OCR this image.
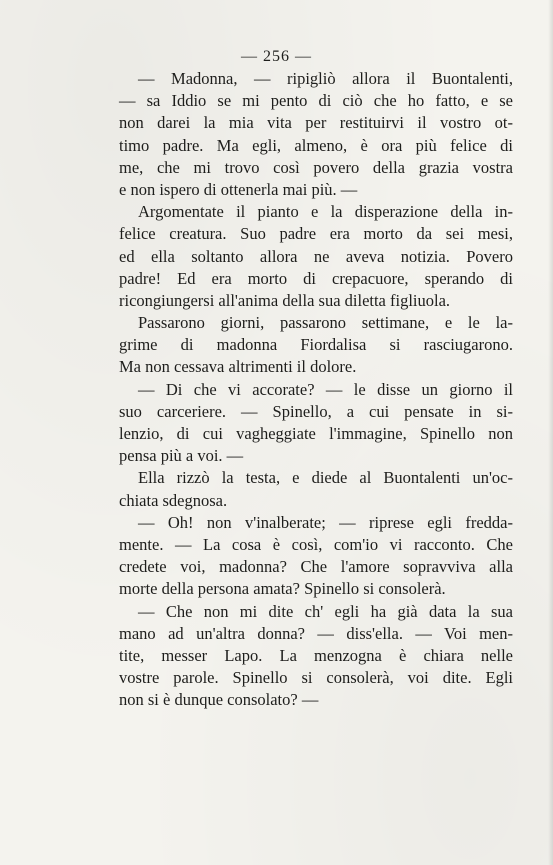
— 256 —
— Madonna, — ripigliò allora il Buontalenti,
— sa Iddio se mi pento di ciò che ho fatto, e se
non darei la mia vita per restituirvi il vostro ot-
timo padre. Ma egli, almeno, è ora più felice di
me, che mi trovo così povero della grazia vostra
e non ispero di ottenerla mai più. —
Argomentate il pianto e la disperazione della in-
felice creatura. Suo padre era morto da sei mesi,
ed ella soltanto allora ne aveva notizia. Povero
padre! Ed era morto di crepacuore, sperando di
ricongiungersi all'anima della sua diletta figliuola.
Passarono giorni, passarono settimane, e le la-
grime di madonna Fiordalisa si rasciugarono.
Ma non cessava altrimenti il dolore.
— Di che vi accorate? — le disse un giorno il
suo carceriere. — Spinello, a cui pensate in si-
lenzio, di cui vagheggiate l'immagine, Spinello non
pensa più a voi. —
Ella rizzò la testa, e diede al Buontalenti un'oc-
chiata sdegnosa.
— Oh! non v'inalberate; — riprese egli fredda-
mente. — La cosa è così, com'io vi racconto. Che
credete voi, madonna? Che l'amore sopravviva alla
morte della persona amata? Spinello si consolerà.
— Che non mi dite ch' egli ha già data la sua
mano ad un'altra donna? — diss'ella. — Voi men-
tite, messer Lapo. La menzogna è chiara nelle
vostre parole. Spinello si consolerà, voi dite. Egli
non si è dunque consolato? —
